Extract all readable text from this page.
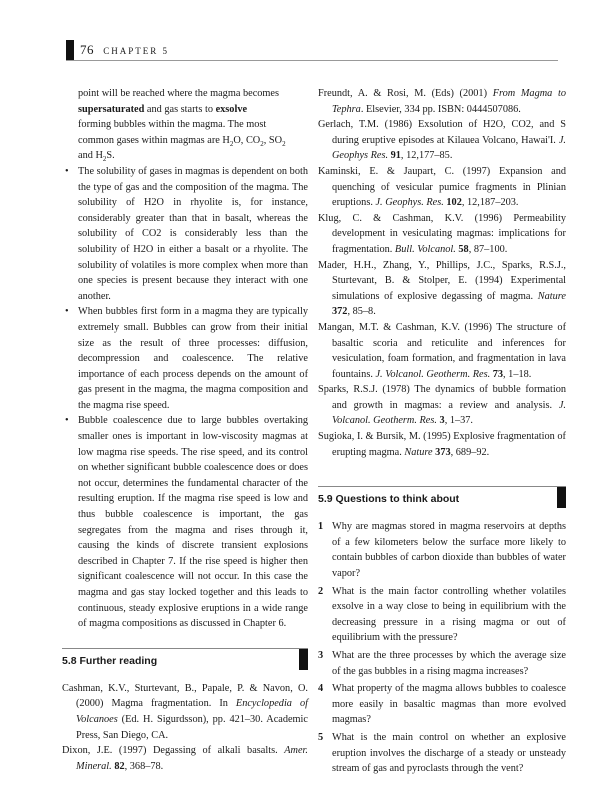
76 CHAPTER 5
point will be reached where the magma becomes
supersaturated and gas starts to exsolve
forming bubbles within the magma. The most
common gases within magmas are $H_2O$, $CO_2$, $SO_2$
and $H_2S$.

• The solubility of gases in magmas is dependent on both the type of gas and the composition of the magma. The solubility of H2O in rhyolite is, for instance, considerably greater than that in basalt, whereas the solubility of CO2 is considerably less than the solubility of H2O in either a basalt or a rhyolite. The solubility of volatiles is more complex when more than one species is present because they interact with one another.

• When bubbles first form in a magma they are typically extremely small. Bubbles can grow from their initial size as the result of three processes: diffusion, decompression and coalescence. The relative importance of each process depends on the amount of gas present in the magma, the magma composition and the magma rise speed.

• Bubble coalescence due to large bubbles overtaking smaller ones is important in low-viscosity magmas at low magma rise speeds. The rise speed, and its control on whether significant bubble coalescence does or does not occur, determines the fundamental character of the resulting eruption. If the magma rise speed is low and thus bubble coalescence is important, the gas segregates from the magma and rises through it, causing the kinds of discrete transient explosions described in Chapter 7. If the rise speed is higher then significant coalescence will not occur. In this case the magma and gas stay locked together and this leads to continuous, steady explosive eruptions in a wide range of magma compositions as discussed in Chapter 6.

5.8 Further reading

Cashman, K.V., Sturtevant, B., Papale, P. & Navon, O. (2000) Magma fragmentation. In Encyclopedia of Volcanoes (Ed. H. Sigurdsson), pp. 421–30. Academic Press, San Diego, CA.

Dixon, J.E. (1997) Degassing of alkali basalts. Amer. Mineral. 82, 368–78.

Freundt, A. & Rosi, M. (Eds) (2001) From Magma to Tephra. Elsevier, 334 pp. ISBN: 0444507086.

Gerlach, T.M. (1986) Exsolution of H2O, CO2, and S during eruptive episodes at Kilauea Volcano, Hawai'I. J. Geophys Res. 91, 12,177–85.

Kaminski, E. & Jaupart, C. (1997) Expansion and quenching of vesicular pumice fragments in Plinian eruptions. J. Geophys. Res. 102, 12,187–203.

Klug, C. & Cashman, K.V. (1996) Permeability development in vesiculating magmas: implications for fragmentation. Bull. Volcanol. 58, 87–100.

Mader, H.H., Zhang, Y., Phillips, J.C., Sparks, R.S.J., Sturtevant, B. & Stolper, E. (1994) Experimental simulations of explosive degassing of magma. Nature 372, 85–8.

Mangan, M.T. & Cashman, K.V. (1996) The structure of basaltic scoria and reticulite and inferences for vesiculation, foam formation, and fragmentation in lava fountains. J. Volcanol. Geotherm. Res. 73, 1–18.

Sparks, R.S.J. (1978) The dynamics of bubble formation and growth in magmas: a review and analysis. J. Volcanol. Geotherm. Res. 3, 1–37.

Sugioka, I. & Bursik, M. (1995) Explosive fragmentation of erupting magma. Nature 373, 689–92.

5.9 Questions to think about

1 Why are magmas stored in magma reservoirs at depths of a few kilometers below the surface more likely to contain bubbles of carbon dioxide than bubbles of water vapor?

2 What is the main factor controlling whether volatiles exsolve in a way close to being in equilibrium with the decreasing pressure in a rising magma or out of equilibrium with the pressure?

3 What are the three processes by which the average size of the gas bubbles in a rising magma increases?

4 What property of the magma allows bubbles to coalesce more easily in basaltic magmas than more evolved magmas?

5 What is the main control on whether an explosive eruption involves the discharge of a steady or unsteady stream of gas and pyroclasts through the vent?
